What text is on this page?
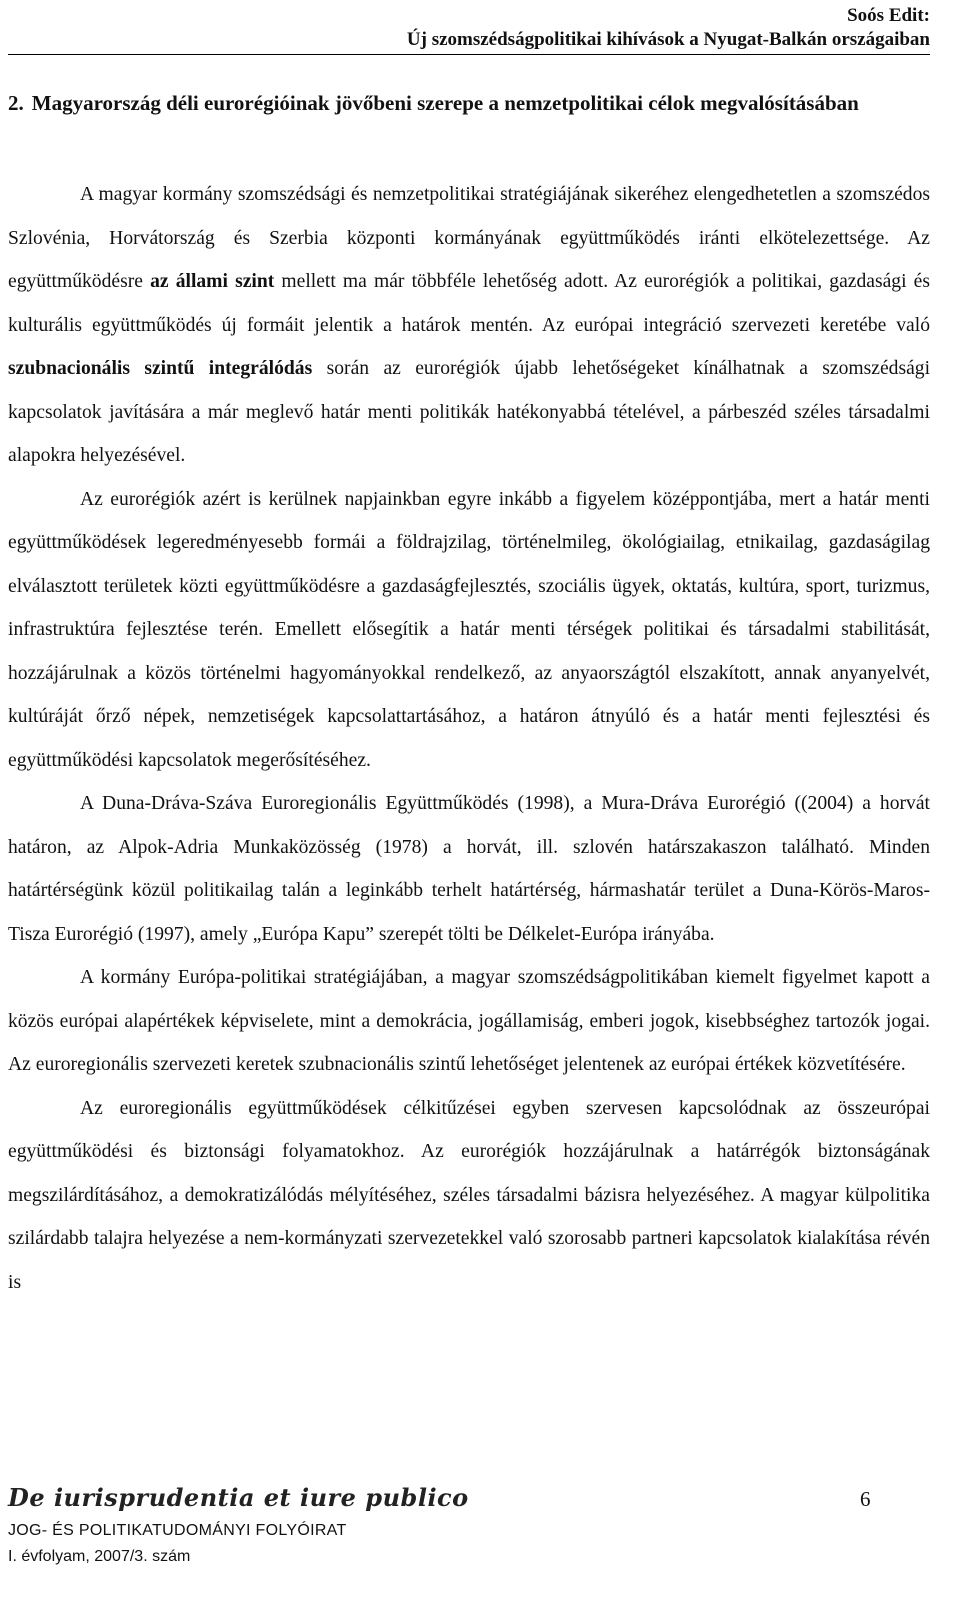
Soós Edit:
Új szomszédságpolitikai kihívások a Nyugat-Balkán országaiban
2. Magyarország déli eurorégióinak jövőbeni szerepe a nemzetpolitikai célok megvalósításában

A magyar kormány szomszédsági és nemzetpolitikai stratégiájának sikeréhez elengedhetetlen a szomszédos Szlovénia, Horvátország és Szerbia központi kormányának együttműködés iránti elkötelezettsége. Az együttműködésre az állami szint mellett ma már többféle lehetőség adott. Az eurorégiók a politikai, gazdasági és kulturális együttműködés új formáit jelentik a határok mentén. Az európai integráció szervezeti keretébe való szubnacionális szintű integrálódás során az eurorégiók újabb lehetőségeket kínálhatnak a szomszédsági kapcsolatok javítására a már meglevő határ menti politikák hatékonyabbá tételével, a párbeszéd széles társadalmi alapokra helyezésével.

Az eurorégiók azért is kerülnek napjainkban egyre inkább a figyelem középpontjába, mert a határ menti együttműködések legeredményesebb formái a földrajzilag, történelmileg, ökológiailag, etnikailag, gazdaságilag elválasztott területek közti együttműködésre a gazdaságfejlesztés, szociális ügyek, oktatás, kultúra, sport, turizmus, infrastruktúra fejlesztése terén. Emellett elősegítik a határ menti térségek politikai és társadalmi stabilitását, hozzájárulnak a közös történelmi hagyományokkal rendelkező, az anyaországtól elszakított, annak anyanyelvét, kultúráját őrző népek, nemzetiségek kapcsolattartásához, a határon átnyúló és a határ menti fejlesztési és együttműködési kapcsolatok megerősítéséhez.

A Duna-Dráva-Száva Euroregionális Együttműködés (1998), a Mura-Dráva Eurorégió ((2004) a horvát határon, az Alpok-Adria Munkaközösség (1978) a horvát, ill. szlovén határszakaszon található. Minden határtérségünk közül politikailag talán a leginkább terhelt határtérség, hármashatár terület a Duna-Körös-Maros-Tisza Eurorégió (1997), amely „Európa Kapu” szerepét tölti be Délkelet-Európa irányába.

A kormány Európa-politikai stratégiájában, a magyar szomszédságpolitikában kiemelt figyelmet kapott a közös európai alapértékek képviselete, mint a demokrácia, jogállamiság, emberi jogok, kisebbséghez tartozók jogai. Az euroregionális szervezeti keretek szubnacionális szintű lehetőséget jelentenek az európai értékek közvetítésére.

Az euroregionális együttműködések célkitűzései egyben szervesen kapcsolódnak az összeurópai együttműködési és biztonsági folyamatokhoz. Az eurorégiók hozzájárulnak a határrégók biztonságának megszilárdításához, a demokratizálódás mélyítéséhez, széles társadalmi bázisra helyezéséhez. A magyar külpolitika szilárdabb talajra helyezése a nem-kormányzati szervezetekkel való szorosabb partneri kapcsolatok kialakítása révén is

De iurisprudentia et iure publico
JOG- ÉS POLITIKATUDOMÁNYI FOLYÓIRAT
I. évfolyam, 2007/3. szám
6
